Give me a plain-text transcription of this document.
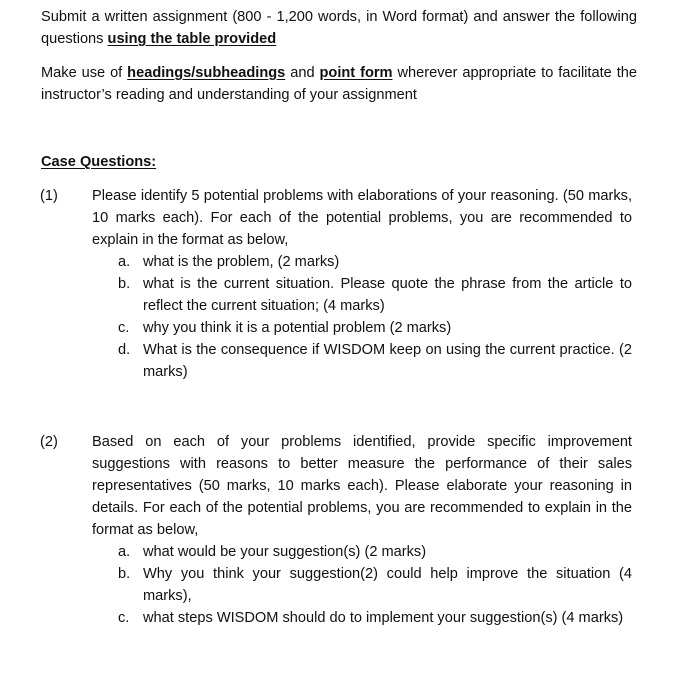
Submit a written assignment (800 - 1,200 words, in Word format) and answer the following questions using the table provided

Make use of headings/subheadings and point form wherever appropriate to facilitate the instructor’s reading and understanding of your assignment

Case Questions:

(1) Please identify 5 potential problems with elaborations of your reasoning. (50 marks, 10 marks each). For each of the potential problems, you are recommended to explain in the format as below,

a. what is the problem, (2 marks)
b. what is the current situation. Please quote the phrase from the article to reflect the current situation; (4 marks)
c. why you think it is a potential problem (2 marks)
d. What is the consequence if WISDOM keep on using the current practice. (2 marks)

(2) Based on each of your problems identified, provide specific improvement suggestions with reasons to better measure the performance of their sales representatives (50 marks, 10 marks each). Please elaborate your reasoning in details. For each of the potential problems, you are recommended to explain in the format as below,

a. what would be your suggestion(s) (2 marks)
b. Why you think your suggestion(2) could help improve the situation (4 marks),
c. what steps WISDOM should do to implement your suggestion(s) (4 marks)
